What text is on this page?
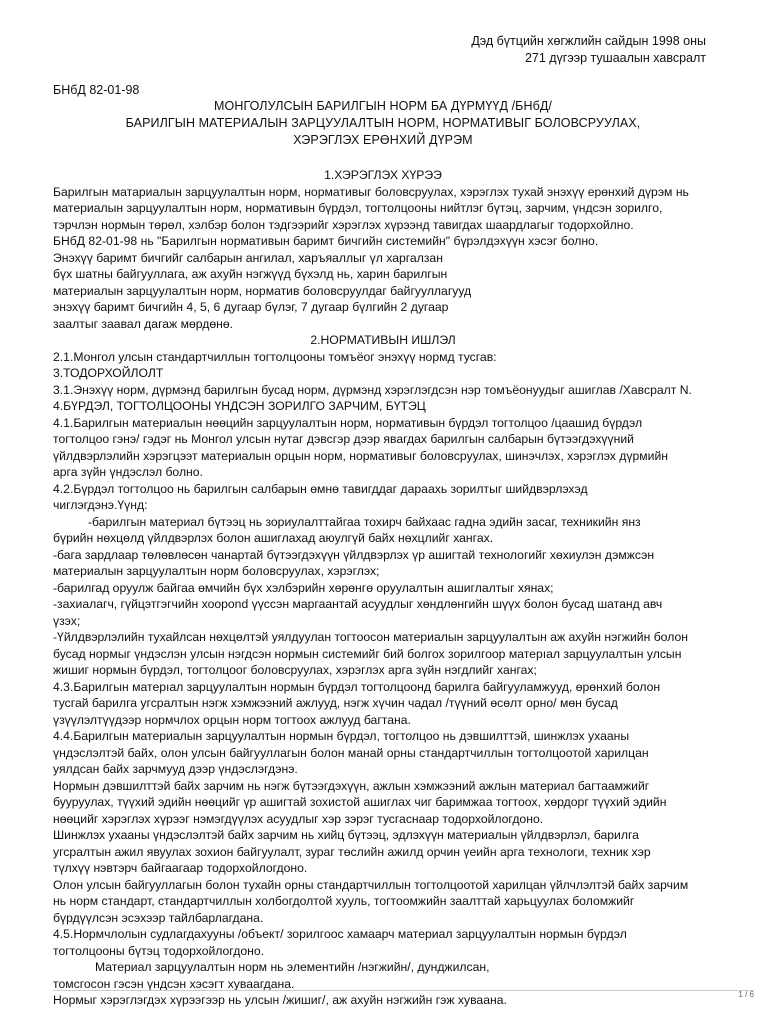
Дэд бүтцийн хөгжлийн сайдын 1998 оны
271 дүгээр тушаалын хавсралт
БНбД 82-01-98
МОНГОЛУЛСЫН БАРИЛГЫН НОРМ БА ДҮРМҮҮД /БНбД/
БАРИЛГЫН МАТЕРИАЛЫН ЗАРЦУУЛАЛТЫН НОРМ, НОРМАТИВЫГ БОЛОВСРУУЛАХ,
ХЭРЭГЛЭХ ЕРӨНХИЙ ДҮРЭМ
1.ХЭРЭГЛЭХ ХҮРЭЭ
Барилгын матариалын зарцуулалтын норм, нормативыг боловсруулах, хэрэглэх тухай энэхүү ерөнхий дүрэм нь
материалын зарцуулалтын норм, нормативын бүрдэл, тогтолцооны нийтлэг бүтэц, зарчим, үндсэн зорилго,
тэрчлэн нормын төрөл, хэлбэр болон тэдгээрийг хэрэглэх хүрээнд тавигдах шаардлагыг тодорхойлно.
БНбД 82-01-98 нь "Барилгын нормативын баримт бичгийн системийн" бүрэлдэхүүн хэсэг болно.
Энэхүү баримт бичгийг салбарын ангилал, харъяаллыг үл харгалзан
бүх шатны байгууллага, аж ахуйн нэгжүүд бүхэлд нь, харин барилгын
материалын зарцуулалтын норм, норматив боловсруулдаг байгууллагууд
энэхүү баримт бичгийн 4, 5, 6 дугаар бүлэг, 7 дугаар бүлгийн 2 дугаар
заалтыг заавал дагаж мөрдөнө.
2.НОРМАТИВЫН ИШЛЭЛ
2.1.Монгол улсын стандартчиллын тогтолцооны томъёог энэхүү нормд тусгав:
3.ТОДОРХОЙЛОЛТ
3.1.Энэхүү норм, дүрмэнд барилгын бусад норм, дүрмэнд хэрэглэгдсэн нэр томъёонуудыг ашиглав /Хавсралт N.
4.БҮРДЭЛ, ТОГТОЛЦООНЫ ҮНДСЭН ЗОРИЛГО ЗАРЧИМ, БҮТЭЦ
4.1.Барилгын материалын нөөцийн зарцуулалтын норм, нормативын бүрдэл тогтолцоо /цаашид бүрдэл
тогтолцоо гэнэ/ гэдэг нь Монгол улсын нутаг дэвсгэр дээр явагдах барилгын салбарын бүтээгдэхүүний
үйлдвэрлэлийн хэрэгцээт материалын орцын норм, нормативыг боловсруулах, шинэчлэх, хэрэглэх дүрмийн
арга зүйн үндэслэл болно.
4.2.Бүрдэл тогтолцоо нь барилгын салбарын өмнө тавигддаг дараахь зорилтыг шийдвэрлэхэд
чиглэгдэнэ.Үүнд:
-барилгын материал бүтээц нь зориулалттайгаа тохирч байхаас гадна эдийн засаг, техникийн янз
бүрийн нөхцөлд үйлдвэрлэх болон ашиглахад аюулгүй байх нөхцлийг хангах.
-бага зардлаар төлөвлөсөн чанартай бүтээгдэхүүн үйлдвэрлэх үр ашигтай технологийг хөхиулэн дэмжсэн
материалын зарцуулалтын норм боловсруулах, хэрэглэх;
-барилгад оруулж байгаа өмчийн бүх хэлбэрийн хөрөнгө оруулалтын ашиглалтыг хянах;
-захиалагч, гүйцэтгэгчийн хоорond үүссэн маргаантай асуудлыг хөндлөнгийн шүүх болон бусад шатанд авч
үзэх;
-Үйлдвэрлэлийн тухайлсан нөхцөлтэй уялдуулан тогтоосон материалын зарцуулалтын аж ахуйн нэгжийн болон
бусад нормыг үндэслэн улсын нэгдсэн нормын системийг бий болгох зорилгоор матерıал зарцуулалтын улсын
жишиг нормын бүрдэл, тогтолцоог боловсруулах, хэрэглэх арга зүйн нэгдлийг хангах;
4.3.Барилгын матерıал зарцуулалтын нормын бүрдэл тогтолцоонд барилга байгууламжууд, өрөнхий болон
тусгай барилга угсралтын нэгж хэмжээний ажлууд, нэгж хүчин чадал /түүний өсөлт орно/ мөн бусад
үзүүлэлтүүдээр нормчлох орцын норм тогтоох ажлууд багтана.
4.4.Барилгын материалын зарцуулалтын нормын бүрдэл, тогтолцоо нь дэвшилттэй, шинжлэх ухааны
үндэслэлтэй байх, олон улсын байгууллагын болон манай орны стандартчиллын тогтолцоотой харилцан
уялдсан байх зарчмууд дээр үндэслэгдэнэ.
Нормын дэвшилттэй байх зарчим нь нэгж бүтээгдэхүүн, ажлын хэмжээний ажлын материал багтаамжийг
бууруулах, түүхий эдийн нөөцийг үр ашигтай зохистой ашиглах чиг баримжаа тогтоох, хөрдорг түүхий эдийн
нөөцийг хэрэглэх хүрээг нэмэгдүүлэх асуудлыг хэр зэрэг тусгаснаар тодорхойлогдоно.
Шинжлэх ухааны үндэслэлтэй байх зарчим нь хийц бүтээц, эдлэхүүн материалын үйлдвэрлэл, барилга
угсралтын ажил явуулах зохион байгуулалт, зураг төслийн ажилд орчин үеийн арга технологи, техник хэр
түлхүү нэвтэрч байгаагаар тодорхойлогдоно.
Олон улсын байгууллагын болон тухайн орны стандартчиллын тогтолцоотой харилцан үйлчлэлтэй байх зарчим
нь норм стандарт, стандартчиллын холбогдолтой хууль, тогтоомжийн заалттай харьцуулах боломжийг
бүрдүүлсэн эсэхээр тайлбарлагдана.
4.5.Нормчлолын судлагдахууны /объект/ зорилгоос хамаарч материал зарцуулалтын нормын бүрдэл
тогтолцооны бүтэц тодорхойлогдоно.
Материал зарцуулалтын норм нь элементийн /нэгжийн/, дунджилсан,
томсгосон гэсэн үндсэн хэсэгт хуваагдана.
Нормыг хэрэглэгдэх хүрээгээр нь улсын /жишиг/, аж ахуйн нэгжийн гэж хуваана.	1 / 6
